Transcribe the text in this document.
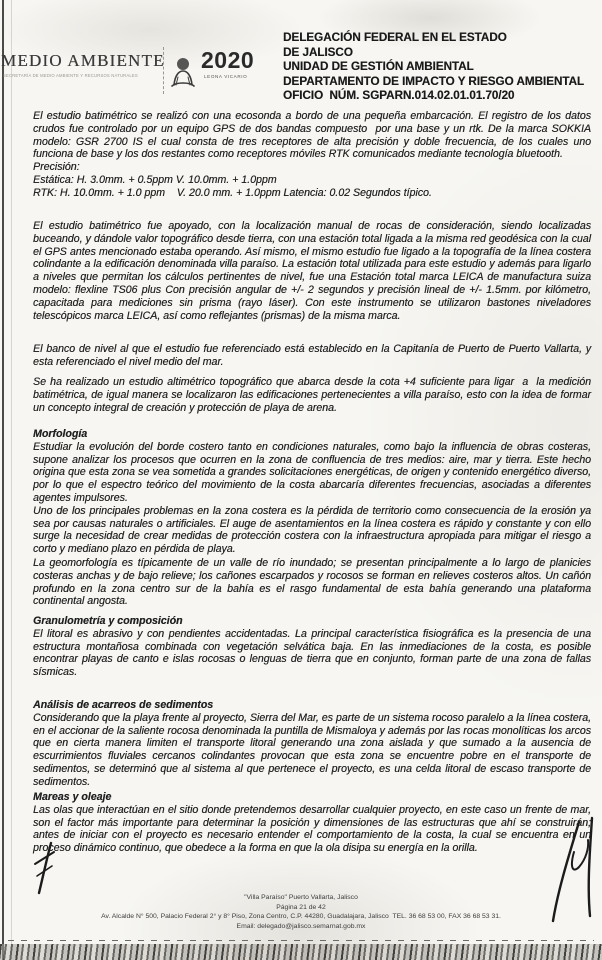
MEDIO AMBIENTE
SECRETARÍA DE MEDIO AMBIENTE Y RECURSOS NATURALES
2020
LEONA VICARIO
DELEGACIÓN FEDERAL EN EL ESTADO
DE JALISCO
UNIDAD DE GESTIÓN AMBIENTAL
DEPARTAMENTO DE IMPACTO Y RIESGO AMBIENTAL
OFICIO  NÚM. SGPARN.014.02.01.01.70/20

El estudio batimétrico se realizó con una ecosonda a bordo de una pequeña embarcación. El registro de los datos crudos fue controlado por un equipo GPS de dos bandas compuesto  por una base y un rtk. De la marca SOKKIA modelo: GSR 2700 IS el cual consta de tres receptores de alta precisión y doble frecuencia, de los cuales uno funciona de base y los dos restantes como receptores móviles RTK comunicados mediante tecnología bluetooth.

Precisión:

Estática: H. 3.0mm. + 0.5ppm V. 10.0mm. + 1.0ppm

RTK: H. 10.0mm. + 1.0 ppm    V. 20.0 mm. + 1.0ppm Latencia: 0.02 Segundos típico.

El estudio batimétrico fue apoyado, con la localización manual de rocas de consideración, siendo localizadas buceando, y dándole valor topográfico desde tierra, con una estación total ligada a la misma red geodésica con la cual el GPS antes mencionado estaba operando. Así mismo, el mismo estudio fue ligado a la topografía de la línea costera colindante a la edificación denominada villa paraíso. La estación total utilizada para este estudio y además para ligarlo a niveles que permitan los cálculos pertinentes de nivel, fue una Estación total marca LEICA de manufactura suiza modelo: flexline TS06 plus Con precisión angular de +/- 2 segundos y precisión lineal de +/- 1.5mm. por kilómetro, capacitada para mediciones sin prisma (rayo láser). Con este instrumento se utilizaron bastones niveladores telescópicos marca LEICA, así como reflejantes (prismas) de la misma marca.

El banco de nivel al que el estudio fue referenciado está establecido en la Capitanía de Puerto de Puerto Vallarta, y esta referenciado el nivel medio del mar.

Se ha realizado un estudio altimétrico topográfico que abarca desde la cota +4 suficiente para ligar  a  la medición batimétrica, de igual manera se localizaron las edificaciones pertenecientes a villa paraíso, esto con la idea de formar un concepto integral de creación y protección de playa de arena.

Morfología

Estudiar la evolución del borde costero tanto en condiciones naturales, como bajo la influencia de obras costeras, supone analizar los procesos que ocurren en la zona de confluencia de tres medios: aire, mar y tierra. Este hecho origina que esta zona se vea sometida a grandes solicitaciones energéticas, de origen y contenido energético diverso, por lo que el espectro teórico del movimiento de la costa abarcaría diferentes frecuencias, asociadas a diferentes agentes impulsores.

Uno de los principales problemas en la zona costera es la pérdida de territorio como consecuencia de la erosión ya sea por causas naturales o artificiales. El auge de asentamientos en la línea costera es rápido y constante y con ello surge la necesidad de crear medidas de protección costera con la infraestructura apropiada para mitigar el riesgo a corto y mediano plazo en pérdida de playa.

La geomorfología es típicamente de un valle de río inundado; se presentan principalmente a lo largo de planicies costeras anchas y de bajo relieve; los cañones escarpados y rocosos se forman en relieves costeros altos. Un cañón profundo en la zona centro sur de la bahía es el rasgo fundamental de esta bahía generando una plataforma continental angosta.

Granulometría y composición

El litoral es abrasivo y con pendientes accidentadas. La principal característica fisiográfica es la presencia de una estructura montañosa combinada con vegetación selvática baja. En las inmediaciones de la costa, es posible encontrar playas de canto e islas rocosas o lenguas de tierra que en conjunto, forman parte de una zona de fallas sísmicas.

Análisis de acarreos de sedimentos

Considerando que la playa frente al proyecto, Sierra del Mar, es parte de un sistema rocoso paralelo a la línea costera, en el accionar de la saliente rocosa denominada la puntilla de Mismaloya y además por las rocas monolíticas los arcos que en cierta manera limiten el transporte litoral generando una zona aislada y que sumado a la ausencia de escurrimientos fluviales cercanos colindantes provocan que esta zona se encuentre pobre en el transporte de sedimentos, se determinó que al sistema al que pertenece el proyecto, es una celda litoral de escaso transporte de sedimentos.

Mareas y oleaje

Las olas que interactúan en el sitio donde pretendemos desarrollar cualquier proyecto, en este caso un frente de mar, son el factor más importante para determinar la posición y dimensiones de las estructuras que ahí se construirán; antes de iniciar con el proyecto es necesario entender el comportamiento de la costa, la cual se encuentra en un proceso dinámico continuo, que obedece a la forma en que la ola disipa su energía en la orilla.

"Villa Paraíso" Puerto Vallarta, Jalisco
Página 21 de 42
Av. Alcalde N° 500, Palacio Federal 2° y 8° Piso, Zona Centro, C.P. 44280, Guadalajara, Jalisco  TEL. 36 68 53 00, FAX 36 68 53 31.
Email: delegado@jalisco.semarnat.gob.mx
